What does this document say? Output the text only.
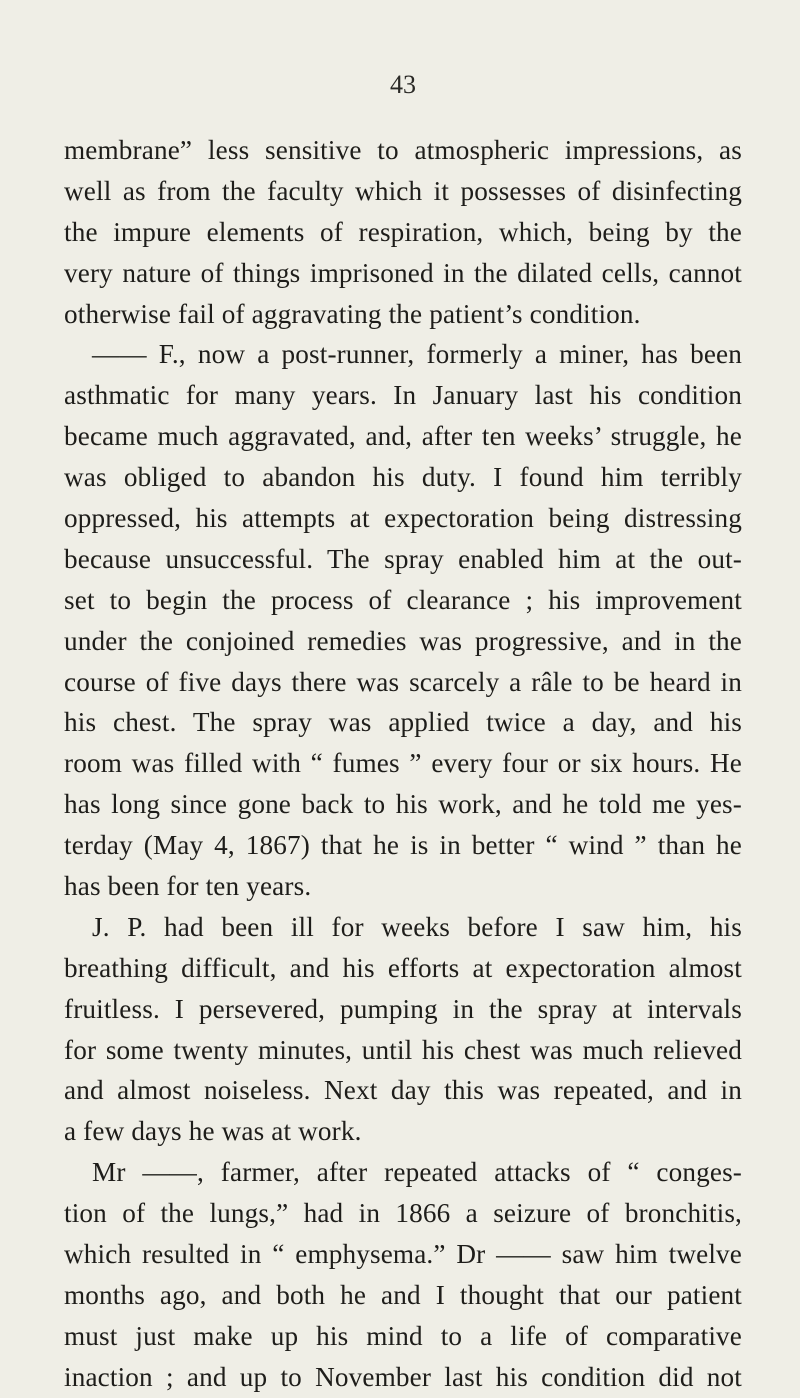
43
membrane” less sensitive to atmospheric impressions, as
well as from the faculty which it possesses of disinfecting
the impure elements of respiration, which, being by the
very nature of things imprisoned in the dilated cells, cannot
otherwise fail of aggravating the patient’s condition.
—— F., now a post-runner, formerly a miner, has been
asthmatic for many years. In January last his condition
became much aggravated, and, after ten weeks’ struggle, he
was obliged to abandon his duty. I found him terribly
oppressed, his attempts at expectoration being distressing
because unsuccessful. The spray enabled him at the out-
set to begin the process of clearance ; his improvement
under the conjoined remedies was progressive, and in the
course of five days there was scarcely a râle to be heard in
his chest. The spray was applied twice a day, and his
room was filled with “ fumes ” every four or six hours. He
has long since gone back to his work, and he told me yes-
terday (May 4, 1867) that he is in better “ wind ” than he
has been for ten years.
J. P. had been ill for weeks before I saw him, his
breathing difficult, and his efforts at expectoration almost
fruitless. I persevered, pumping in the spray at intervals
for some twenty minutes, until his chest was much relieved
and almost noiseless. Next day this was repeated, and in
a few days he was at work.
Mr ——, farmer, after repeated attacks of “ conges-
tion of the lungs,” had in 1866 a seizure of bronchitis,
which resulted in “ emphysema.” Dr —— saw him twelve
months ago, and both he and I thought that our patient
must just make up his mind to a life of comparative
inaction ; and up to November last his condition did not
